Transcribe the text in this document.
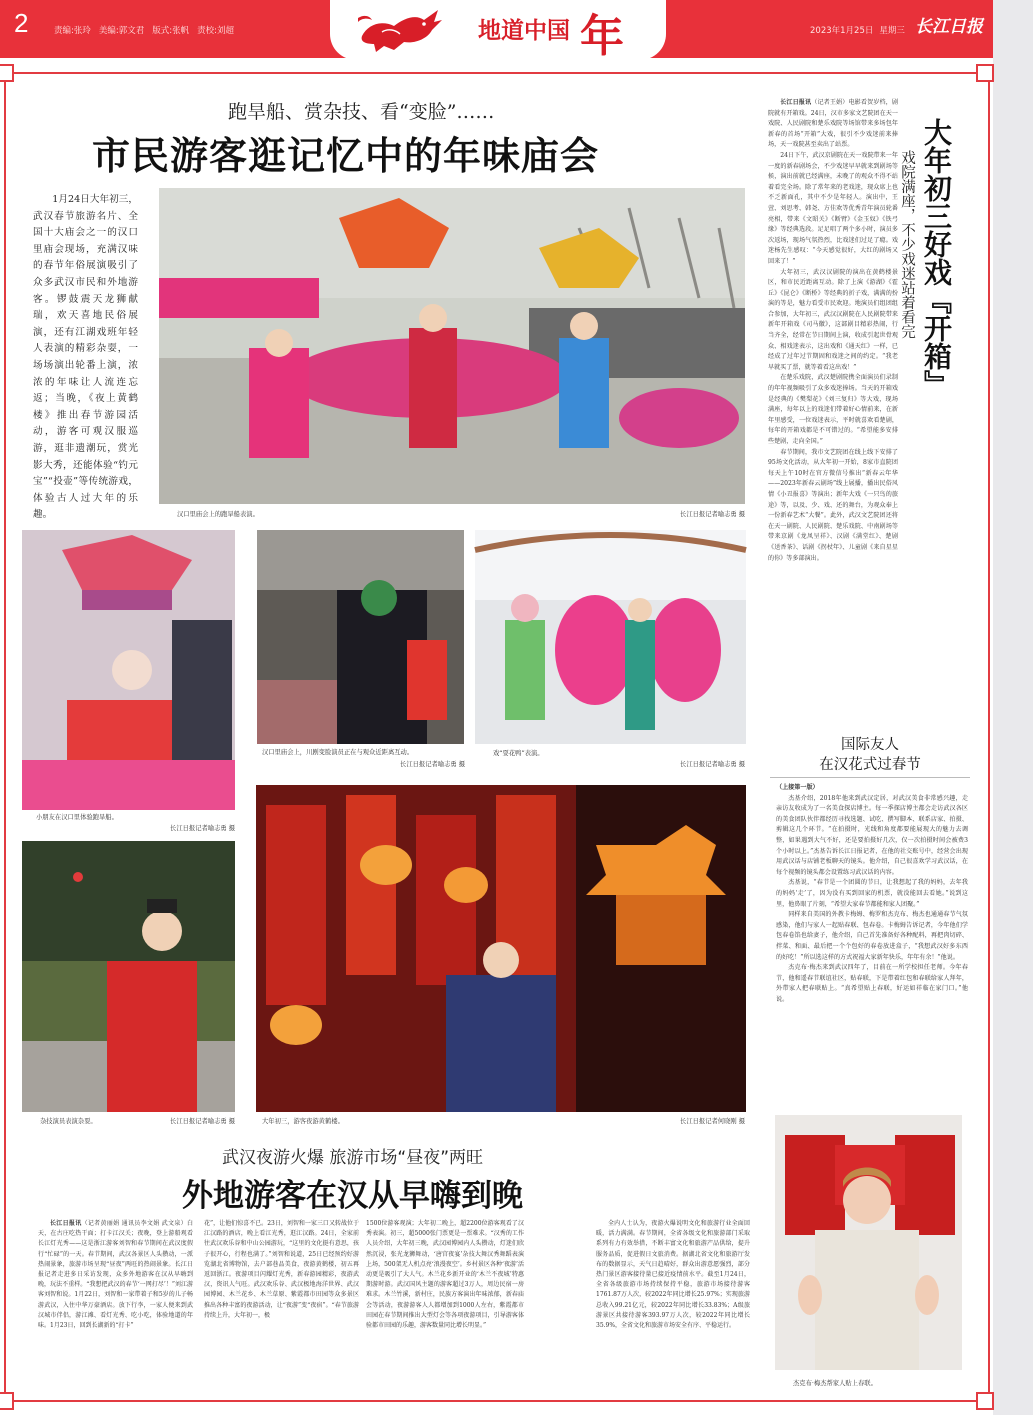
2	责编:张玲 美编:郭文君 版式:张帆 责校:刘超	地道中国 年	2023年1月25日 星期三 长江日报
跑旱船、赏杂技、看“变脸”……
市民游客逛记忆中的年味庙会

1月24日大年初三，武汉春节旅游名片、全国十大庙会之一的汉口里庙会现场，充满汉味的春节年俗展演吸引了众多武汉市民和外地游客。锣鼓震天龙狮献瑞，欢天喜地民俗展演，还有江湖戏班年轻人表演的精彩杂耍，一场场演出轮番上演，浓浓的年味让人流连忘返；当晚，《夜上黄鹤楼》推出春节游园活动，游客可观汉服巡游，逛非遗潮玩，赏光影大秀，还能体验“钓元宝”“投壶”等传统游戏，体验古人过大年的乐趣。	汉口里庙会上的跑旱船表演。	长江日报记者喻志勇 摄
小朋友在汉口里体验跑旱船。
长江日报记者喻志勇 摄
汉口里庙会上，川剧变脸演员正在与观众近距离互动。
长江日报记者喻志勇 摄
戏“耍花鸭”表演。
长江日报记者喻志勇 摄
杂技演员表演杂耍。	长江日报记者喻志勇 摄	大年初三，游客夜游黄鹤楼。	长江日报记者何晓刚 摄

长江日报讯（记者王娟）电影看贺岁档，剧院就有开箱戏。24日，汉市多家文艺院团在天一戏院、人民剧院和楚乐戏院等场馆带来多场包年新春的首场“开箱”大戏，很引不少戏迷前来捧场，天一戏院甚至卖出了站票。

24日下午，武汉京剧院在天一戏院带来一年一度的新春剧场会，不少戏迷早早就来到剧场等候，演出前就已经满座，未晚了的观众不得不站着看完全场。除了常年来的老戏迷，现众席上也不乏新面孔，其中不少是年轻人。演出中，王萱、刘思考、韩尧、方佳欢等优秀青年演员轮番亮相，带来《文昭关》《断臂》《金玉奴》《铁弓缘》等经典选段。足足唱了两个多小时，演员多次返场，现场气氛热烈，比戏迷们过足了瘾。戏迷杨先生感叹：“今天感觉很好，大红的剧场又回来了！”

大年初三，武汉汉剧院的演出在黄鹤楼景区，和市民近距离互动。除了上演《游湖》《霍丘》《昆仑》《断桥》等经典的折子戏，满满的扮演的等是，魅力看受市民欢迎。地演员们组团组合参加，大年初三，武汉汉剧院在人民剧院带来新年开箱戏《司马徽》，这部剧目精彩热闹，行当齐全，经常在节日期间上演，收成引起世骨观众、相戏迷表示，这出戏和《通天红》一样，已经成了过年过节期固和戏迷之间的约定。“我老早就买了票，就等着看这出戏！”

在楚乐戏院，武汉楚剧院携全面演员们录制的年年视频吸引了众多戏迷捧场。当天的开箱戏是经典的《樊梨花》《刘三复归》等大戏，现场满座，每年以上的戏迷们带着好心情前来，在新年里感受，一位戏迷表示，平时就喜欢看楚剧，每年的开箱戏都是不可错过的。“希望能多安排些楚剧，走向全国。”

春节期间，我市文艺院团在线上线下安排了95场文化活动，从大年初一开始，8家市直院团每天上午10时在官方微信号推出“新春云年华——2023年新春云剧场”线上展播，播出民俗风情《小丑报喜》等演出；新年大戏《一只鸟的旅途》等，以及、少、戏、还的舞台，为观众奉上一份新春艺术“大餐”。此外，武汉文艺院团还将在天一剧院、人民剧院、楚乐戏院、中南剧场等带来京剧《龙凤呈祥》、汉剧《满堂红》、楚剧《送香茶》、话剧《拐杖年》、儿童剧《来自星星的你》等多部演出。

大年初三好戏『开箱』
戏院满座，不少戏迷站着看完
国际友人
在汉花式过春节

（上接第一版）

杰基介绍，2018年他来到武汉定居，对武汉美食非常感兴趣，走亲访友收成为了一名美食探店博主。每一季探店博主都会走访武汉各区的美食团队伙伴都经历寻找选题、试吃、撰写脚本、联系店家、拍摄、剪辑这几个环节。“在拍摄时，光线和角度都要能展现大的魅力去调整，如果遇到大气不好，还是要拍摄好几次，仅一次拍摄时间会被费3个小时以上。”杰基告诉长江日报记者，在他的社交账号中，经营会出现用武汉话与店铺老板聊天的镜头。他介绍，自己很喜欢学习武汉话，在每个视频的镜头都会设置练习武汉话的内容。

杰基说，“春节是一个团圆的节日，让我想起了我的妈妈，去年我的妈妈‘走’了，因为没有买到回家的机票，就没能回去看她。”说到这里，他鼻眼了片刻，“希望大家春节都能和家人团聚。”

同样来自美国的外教卡梅姆、梅罗和杰克布、梅杰也通通春节气氛感染，他们与家人一起贴春联、包春卷。卡梅姆告诉记者，今年他们学包春卷馅也给妻子，他介绍，自己首先准备好各种配料，再把肉切碎、拌菜、和面、最后把一个个包好的春卷放进盒子，“我想武汉好多东西的好吃！”所以选这样的方式祝福大家新年快乐，年年有余！”他说。

杰克布·梅杰来到武汉四年了，目前在一所学校担任老师。今年春节，他和遥春节联谊社区，贴春联，下是带着红包和春联给家人拜年，外带家人把春联贴上。“真希望贴上春联，好运如祥临在家门口。”他说。

杰克布·梅杰帮家人贴上春联。
武汉夜游火爆 旅游市场“昼夜”两旺
外地游客在汉从早嗨到晚

长江日报讯（记者黄丽娟 通讯员李文娟 武文泉）白天，在古庄吃热干面；打卡江汉关；夜晚，登上游船观看长江灯光秀——这是浙江游客刘智和春节期间在武汉度假行“忙碌”的一天。春节期间，武汉各景区人头攒动，一派热闹景象，旅游市场呈现“昼夜”两旺的热闹景象。长江日报记者走进多日采访发现，众多外地游客在汉从早嗨到晚，玩法不重样。“我想把武汉的春节‘一网打尽’！”刘江游客刘智和说。1月22日，刘智和一家带着子和5岁的儿子畅游武汉，入住中华万豪酒店。放下行李，一家人便来到武汉城市伴侣，游江滩、看灯光秀、吃小吃，体验地道的年味。1月23日，回到长湖新的“打卡”

花”，让他们惊喜不已。23日，刘智和一家三口又转战位于江汉路的酒店，晚上看江光秀，逛江汉路。24日，全家前往武汉欢乐谷和中山公园游玩，“这里的文化挺有意思，孩子很开心，行程也满了。”刘智和说道，25日已经预约好游览湖北省博物馆，去户部巷品美食，夜游黄鹤楼，初五再返回浙江。夜游项目闪耀灯光秀，新春游园精彩，夜游武汉，资讯人气旺。武汉欢乐谷、武汉极地海洋世界、武汉园博园、木兰花乡、木兰草原、紫霞都市田园等众多景区推出各种丰富的夜游活动，让“夜游”变“夜宿”。“春节旅游持续上升，大年初一，极

1500位游客观演；大年初二晚上，超2200位游客观看了汉秀表演。初三，超5000张门票更是一票难求。“汉秀的工作人员介绍，大年初三晚，武汉园博园内人头攒动，灯迷们欣然沉浸，张光龙狮舞动，‘唐宫夜宴’杂技大舞汉秀舞蹈表演上场，500架无人机点亮‘浪漫夜空’。乡村景区各种‘夜游’活动更是吸引了大人气。木兰花乡新开业的‘木兰不夜城’特惠期游时游。武汉国风主题的游客超过3万人，周边民宿一房难求。木兰竹溪，新村庄，民族方客演出年味浓郁，新春庙会等活动，夜游游客人人都增加到1000人左右，紫霞都市田园在春节期间推出大型灯会等各项夜游项目，引导游客体验都市田园的乐趣，游客数量同比增长明显。”

全内人士认为，夜游火爆说明文化和旅游行业全面回暖，活力满满。春节期间，全省各级文化和旅游部门采取系列有力有效举措，不断丰富文化和旅游产品供给，提升服务品质，促进假日文旅消费。据湖北省文化和旅游厅发布的数据显示，天气日趋晴好，群众出游意愿强烈，部分热门景区游客接待量已接近疫情前水平。截至1月24日，全省各级旅游市场持续保持平稳，旅游市场接待游客1761.87万人次，较2022年同比增长25.97%；实现旅游总收入99.21亿元，较2022年同比增长33.83%；A级旅游景区共接待游客393.97万人次，较2022年同比增长35.9%，全省文化和旅游市场安全有序、平稳运行。
